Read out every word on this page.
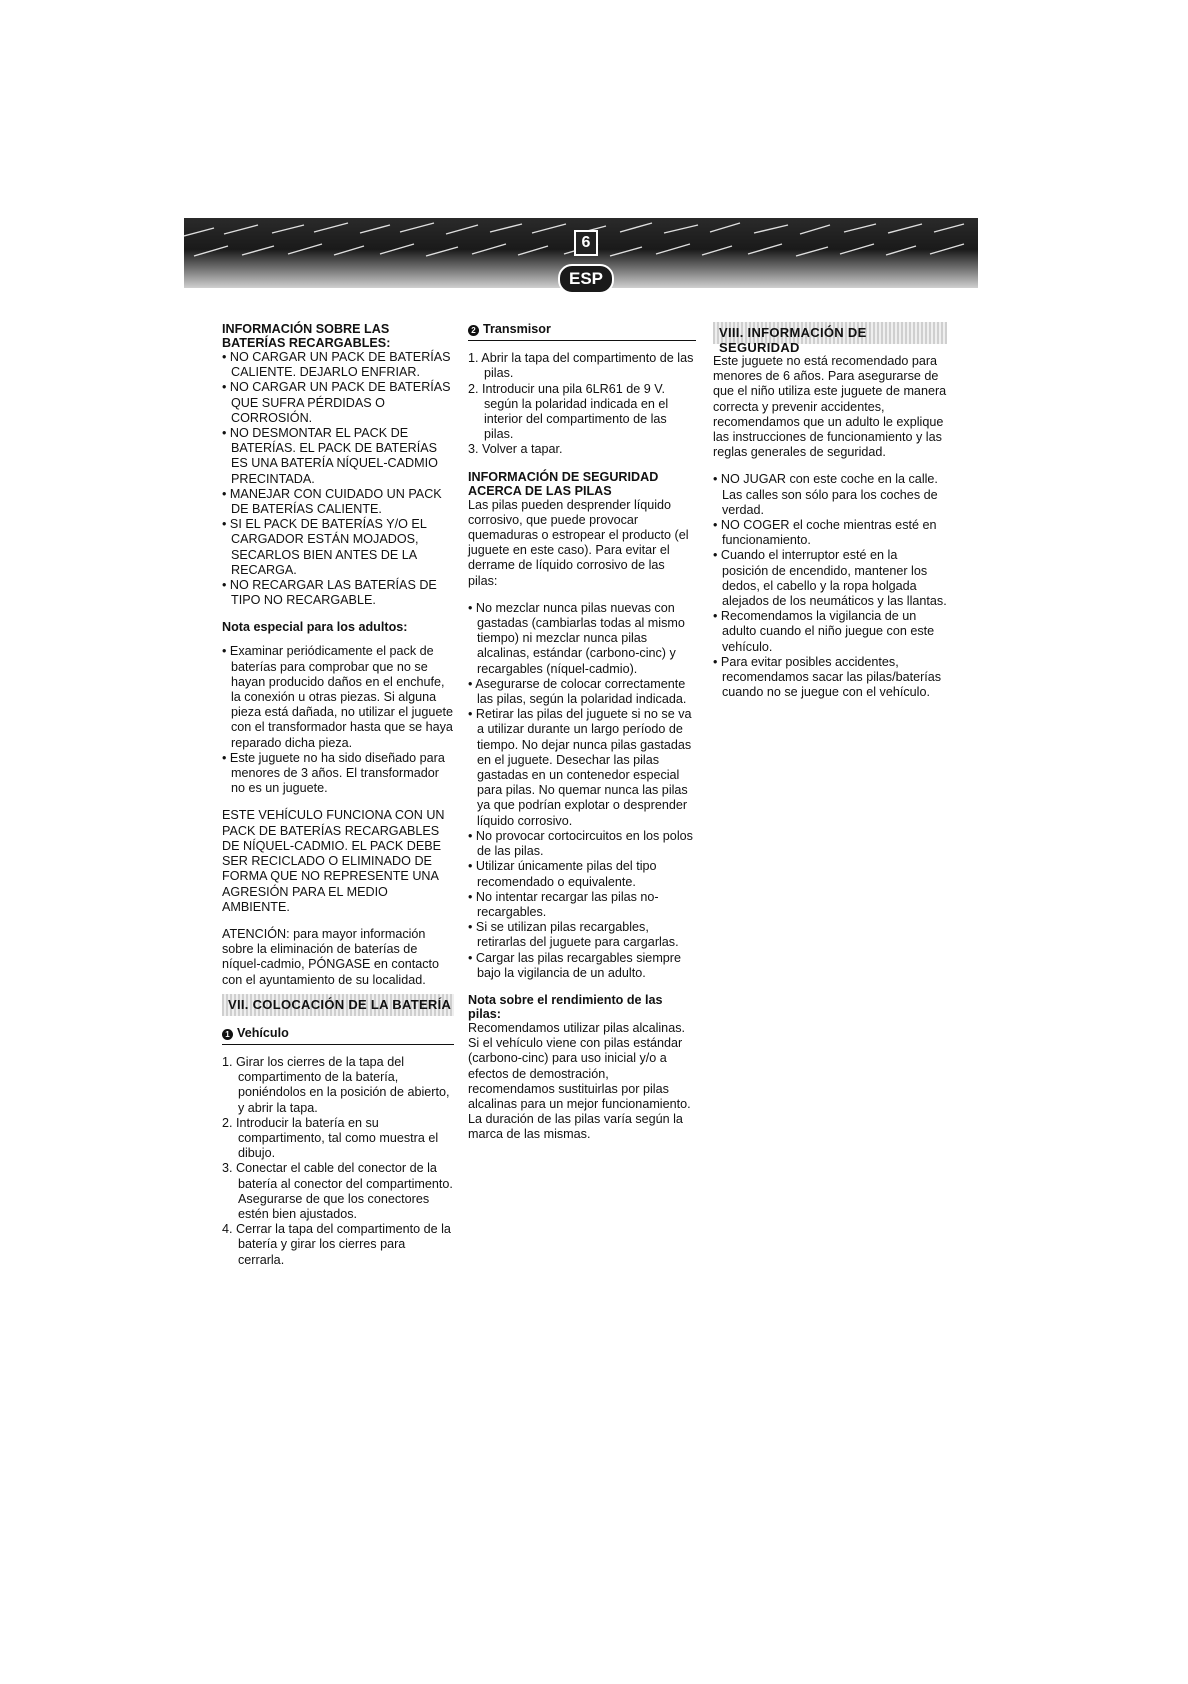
6
ESP

INFORMACIÓN SOBRE LAS BATERÍAS RECARGABLES:

• NO CARGAR UN PACK DE BATERÍAS CALIENTE. DEJARLO ENFRIAR.

• NO CARGAR UN PACK DE BATERÍAS QUE SUFRA PÉRDIDAS O CORROSIÓN.

• NO DESMONTAR EL PACK DE BATERÍAS. EL PACK DE BATERÍAS ES UNA BATERÍA NÍQUEL-CADMIO PRECINTADA.

• MANEJAR CON CUIDADO UN PACK DE BATERÍAS CALIENTE.

• SI EL PACK DE BATERÍAS Y/O EL CARGADOR ESTÁN MOJADOS, SECARLOS BIEN ANTES DE LA RECARGA.

• NO RECARGAR LAS BATERÍAS DE TIPO NO RECARGABLE.

Nota especial para los adultos:

• Examinar periódicamente el pack de baterías para comprobar que no se hayan producido daños en el enchufe, la conexión u otras piezas. Si alguna pieza está dañada, no utilizar el juguete con el transformador hasta que se haya reparado dicha pieza.

• Este juguete no ha sido diseñado para menores de 3 años. El transformador no es un juguete.

ESTE VEHÍCULO FUNCIONA CON UN PACK DE BATERÍAS RECARGABLES DE NÍQUEL-CADMIO. EL PACK DEBE SER RECICLADO O ELIMINADO DE FORMA QUE NO REPRESENTE UNA AGRESIÓN PARA EL MEDIO AMBIENTE.

ATENCIÓN: para mayor información sobre la eliminación de baterías de níquel-cadmio, PÓNGASE en contacto con el ayuntamiento de su localidad.

VII. COLOCACIÓN DE LA BATERÍA
1 Vehículo

1. Girar los cierres de la tapa del compartimento de la batería, poniéndolos en la posición de abierto, y abrir la tapa.

2. Introducir la batería en su compartimento, tal como muestra el dibujo.

3. Conectar el cable del conector de la batería al conector del compartimento. Asegurarse de que los conectores estén bien ajustados.

4. Cerrar la tapa del compartimento de la batería y girar los cierres para cerrarla.

2 Transmisor

1. Abrir la tapa del compartimento de las pilas.

2. Introducir una pila 6LR61 de 9 V. según la polaridad indicada en el interior del compartimento de las pilas.

3. Volver a tapar.

INFORMACIÓN DE SEGURIDAD ACERCA DE LAS PILAS

Las pilas pueden desprender líquido corrosivo, que puede provocar quemaduras o estropear el producto (el juguete en este caso). Para evitar el derrame de líquido corrosivo de las pilas:

• No mezclar nunca pilas nuevas con gastadas (cambiarlas todas al mismo tiempo) ni mezclar nunca pilas alcalinas, estándar (carbono-cinc) y recargables (níquel-cadmio).

• Asegurarse de colocar correctamente las pilas, según la polaridad indicada.

• Retirar las pilas del juguete si no se va a utilizar durante un largo período de tiempo. No dejar nunca pilas gastadas en el juguete. Desechar las pilas gastadas en un contenedor especial para pilas. No quemar nunca las pilas ya que podrían explotar o desprender líquido corrosivo.

• No provocar cortocircuitos en los polos de las pilas.

• Utilizar únicamente pilas del tipo recomendado o equivalente.

• No intentar recargar las pilas no-recargables.

• Si se utilizan pilas recargables, retirarlas del juguete para cargarlas.

• Cargar las pilas recargables siempre bajo la vigilancia de un adulto.

Nota sobre el rendimiento de las pilas:

Recomendamos utilizar pilas alcalinas. Si el vehículo viene con pilas estándar (carbono-cinc) para uso inicial y/o a efectos de demostración, recomendamos sustituirlas por pilas alcalinas para un mejor funcionamiento. La duración de las pilas varía según la marca de las mismas.

VIII. INFORMACIÓN DE SEGURIDAD

Este juguete no está recomendado para menores de 6 años. Para asegurarse de que el niño utiliza este juguete de manera correcta y prevenir accidentes, recomendamos que un adulto le explique las instrucciones de funcionamiento y las reglas generales de seguridad.

• NO JUGAR con este coche en la calle. Las calles son sólo para los coches de verdad.

• NO COGER el coche mientras esté en funcionamiento.

• Cuando el interruptor esté en la posición de encendido, mantener los dedos, el cabello y la ropa holgada alejados de los neumáticos y las llantas.

• Recomendamos la vigilancia de un adulto cuando el niño juegue con este vehículo.

• Para evitar posibles accidentes, recomendamos sacar las pilas/baterías cuando no se juegue con el vehículo.
